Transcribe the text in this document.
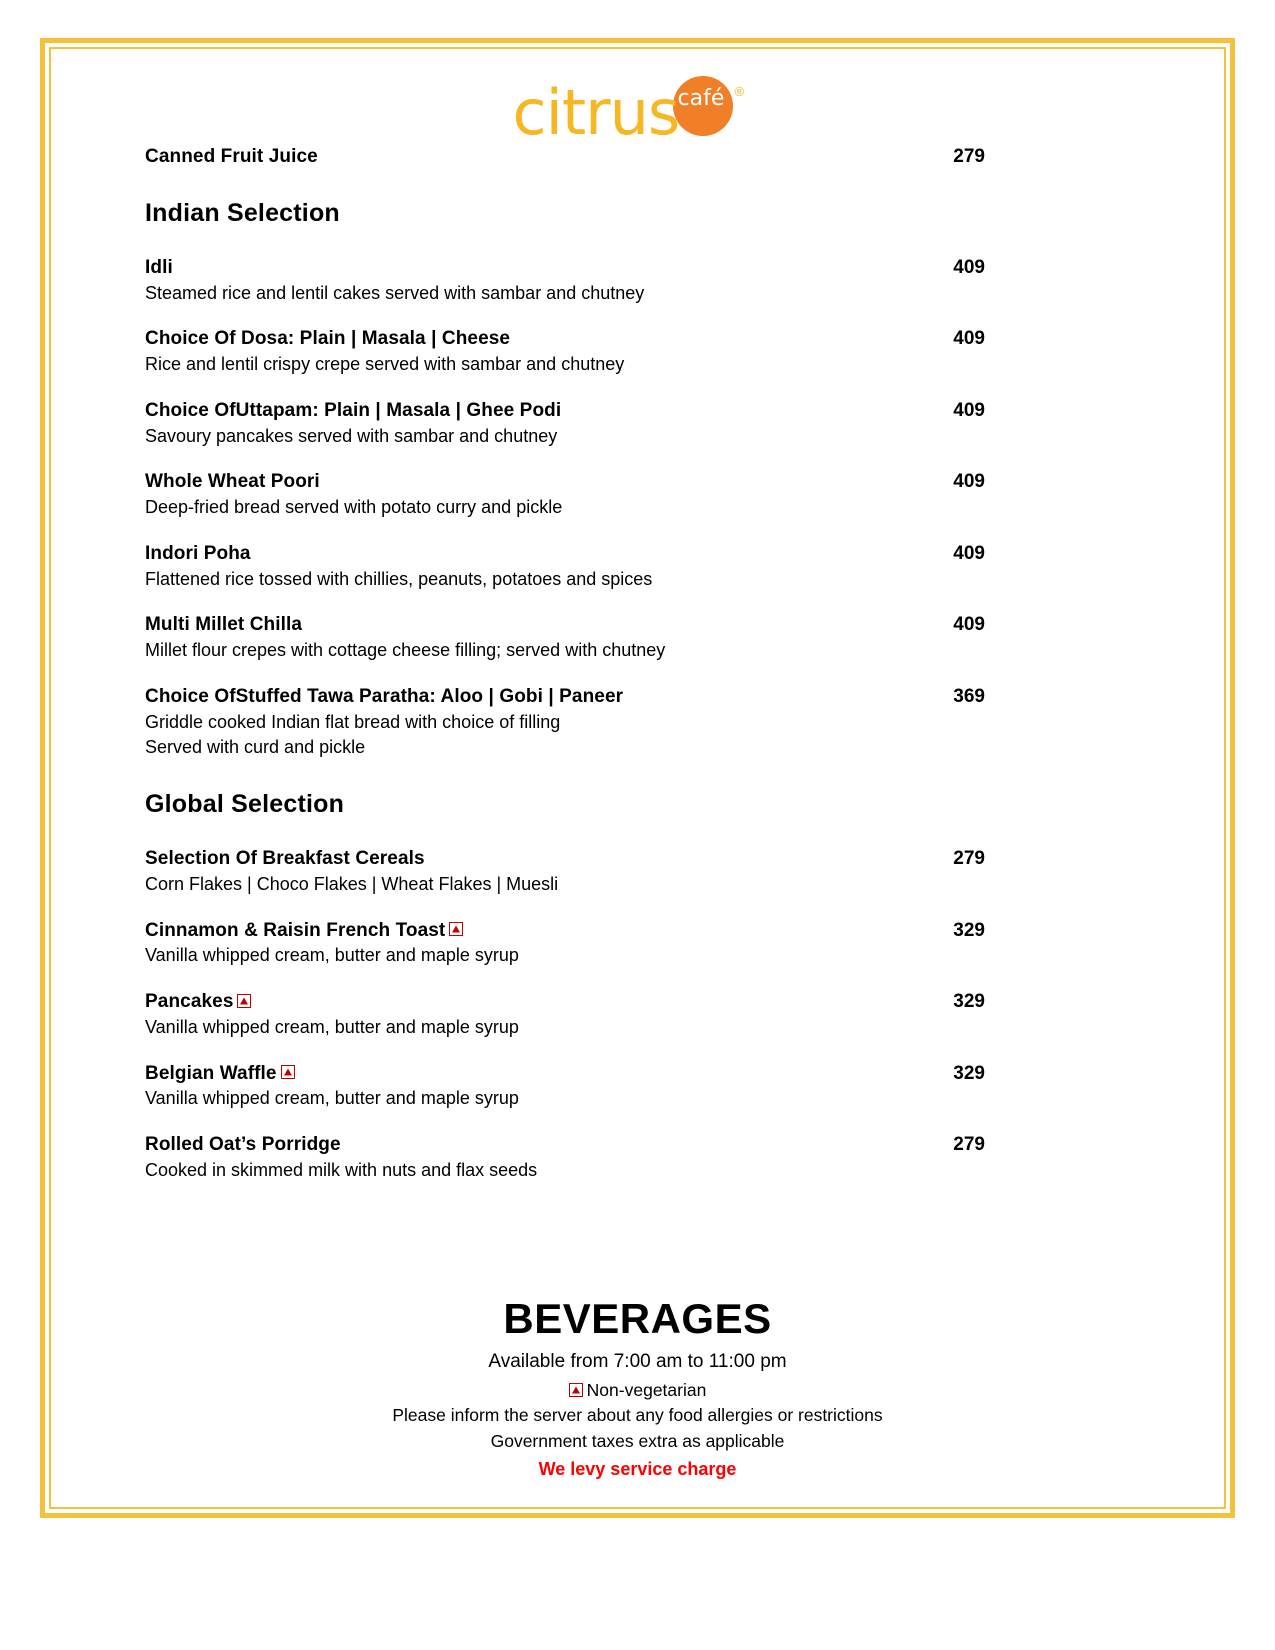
citrus
café ®
Canned Fruit Juice	279
Indian Selection
Idli	409
Steamed rice and lentil cakes served with sambar and chutney
Choice Of Dosa: Plain | Masala | Cheese	409
Rice and lentil crispy crepe served with sambar and chutney
Choice OfUttapam: Plain | Masala | Ghee Podi	409
Savoury pancakes served with sambar and chutney
Whole Wheat Poori	409
Deep-fried bread served with potato curry and pickle
Indori Poha	409
Flattened rice tossed with chillies, peanuts, potatoes and spices
Multi Millet Chilla	409
Millet flour crepes with cottage cheese filling; served with chutney
Choice OfStuffed Tawa Paratha: Aloo | Gobi | Paneer	369
Griddle cooked Indian flat bread with choice of filling
Served with curd and pickle
Global Selection
Selection Of Breakfast Cereals	279
Corn Flakes | Choco Flakes | Wheat Flakes | Muesli
Cinnamon & Raisin French Toast	329
Vanilla whipped cream, butter and maple syrup
Pancakes	329
Vanilla whipped cream, butter and maple syrup
Belgian Waffle	329
Vanilla whipped cream, butter and maple syrup
Rolled Oat’s Porridge	279
Cooked in skimmed milk with nuts and flax seeds
BEVERAGES
Available from 7:00 am to 11:00 pm
Non-vegetarian
Please inform the server about any food allergies or restrictions
Government taxes extra as applicable
We levy service charge
